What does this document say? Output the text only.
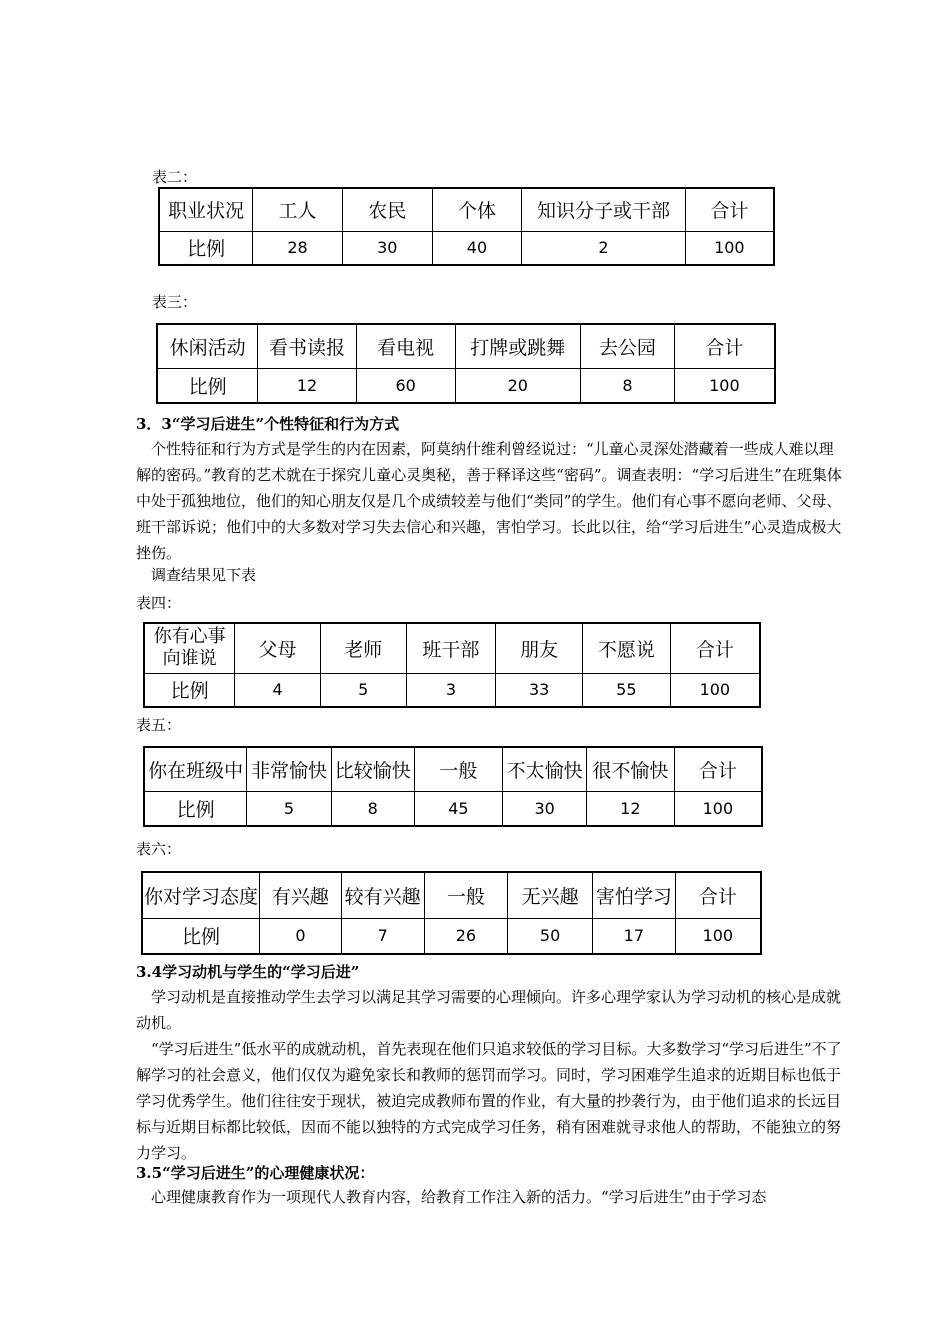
表二：
职业状况	工人	农民	个体	知识分子或干部	合计
比例	28	30	40	2	100
表三：
休闲活动	看书读报	看电视	打牌或跳舞	去公园	合计
比例	12	60	20	8	100
3．3“学习后进生”个性特征和行为方式

　个性特征和行为方式是学生的内在因素，阿莫纳什维利曾经说过：“儿童心灵深处潜藏着一些成人难以理解的密码。”教育的艺术就在于探究儿童心灵奥秘，善于释译这些“密码”。调查表明：“学习后进生”在班集体中处于孤独地位，他们的知心朋友仅是几个成绩较差与他们“类同”的学生。他们有心事不愿向老师、父母、班干部诉说；他们中的大多数对学习失去信心和兴趣，害怕学习。长此以往，给“学习后进生”心灵造成极大挫伤。

　调查结果见下表
表四：
你有心事向谁说	父母	老师	班干部	朋友	不愿说	合计
比例	4	5	3	33	55	100
表五：
你在班级中	非常愉快	比较愉快	一般	不太愉快	很不愉快	合计
比例	5	8	45	30	12	100
表六：
你对学习态度	有兴趣	较有兴趣	一般	无兴趣	害怕学习	合计
比例	0	7	26	50	17	100
3.4学习动机与学生的“学习后进”

　学习动机是直接推动学生去学习以满足其学习需要的心理倾向。许多心理学家认为学习动机的核心是成就动机。

　“学习后进生”低水平的成就动机，首先表现在他们只追求较低的学习目标。大多数学习“学习后进生”不了解学习的社会意义，他们仅仅为避免家长和教师的惩罚而学习。同时，学习困难学生追求的近期目标也低于学习优秀学生。他们往往安于现状，被迫完成教师布置的作业，有大量的抄袭行为，由于他们追求的长远目标与近期目标都比较低，因而不能以独特的方式完成学习任务，稍有困难就寻求他人的帮助，不能独立的努力学习。

3.5“学习后进生”的心理健康状况：

　心理健康教育作为一项现代人教育内容，给教育工作注入新的活力。“学习后进生”由于学习态
